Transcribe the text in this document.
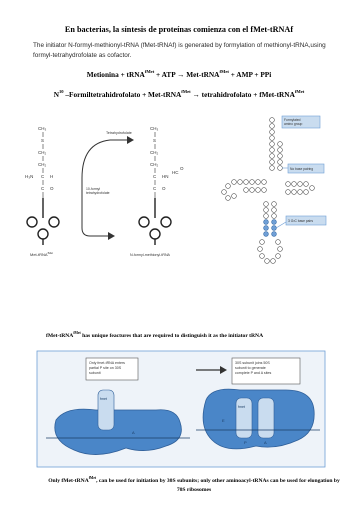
En bacterias, la síntesis de proteínas comienza con el fMet-tRNAf
The initiator N-formyl-methionyl-tRNA (fMet-tRNAf) is generated by formylation of methionyl-tRNA,using formyl-tetrahydrofolate as cofactor.
Metionina + tRNA$^{fMet}$ + ATP → Met-tRNA$^{fMet}$ + AMP + PPi
$N^{10}$ –Formiltetrahidrofolato + Met-tRNA$^{fMet}$ → tetrahidrofolato + fMet-tRNA$^{fMet}$
CH₃
S
CH₂
CH₂
H₃N C H
C O
Met-tRNA$^{fMet}$
Tetrahydrofolate
10-formyl tetrahydrofolate
CH₃
S
CH₂
CH₂
C HN
HC
O
C O
N-formyl-methionyl-tRNA
Formylated amino group
No base pairing
3 G•C base pairs
fMet-tRNA$^{fMet}$ has unique feactures that are required to distinguish it as the initiator tRNA
Only fmet-tRNA enters partial P site on 30S subunit
30S subunit joins 50S subunit to generate complete P and A sites
fmet
fmet
E
P	A
A
Only fMet-tRNA$^{fMet}$, can be used for initiation by 30S subunits; only other aminoacyl-tRNAs can be used for elongation by 70S ribosomes
